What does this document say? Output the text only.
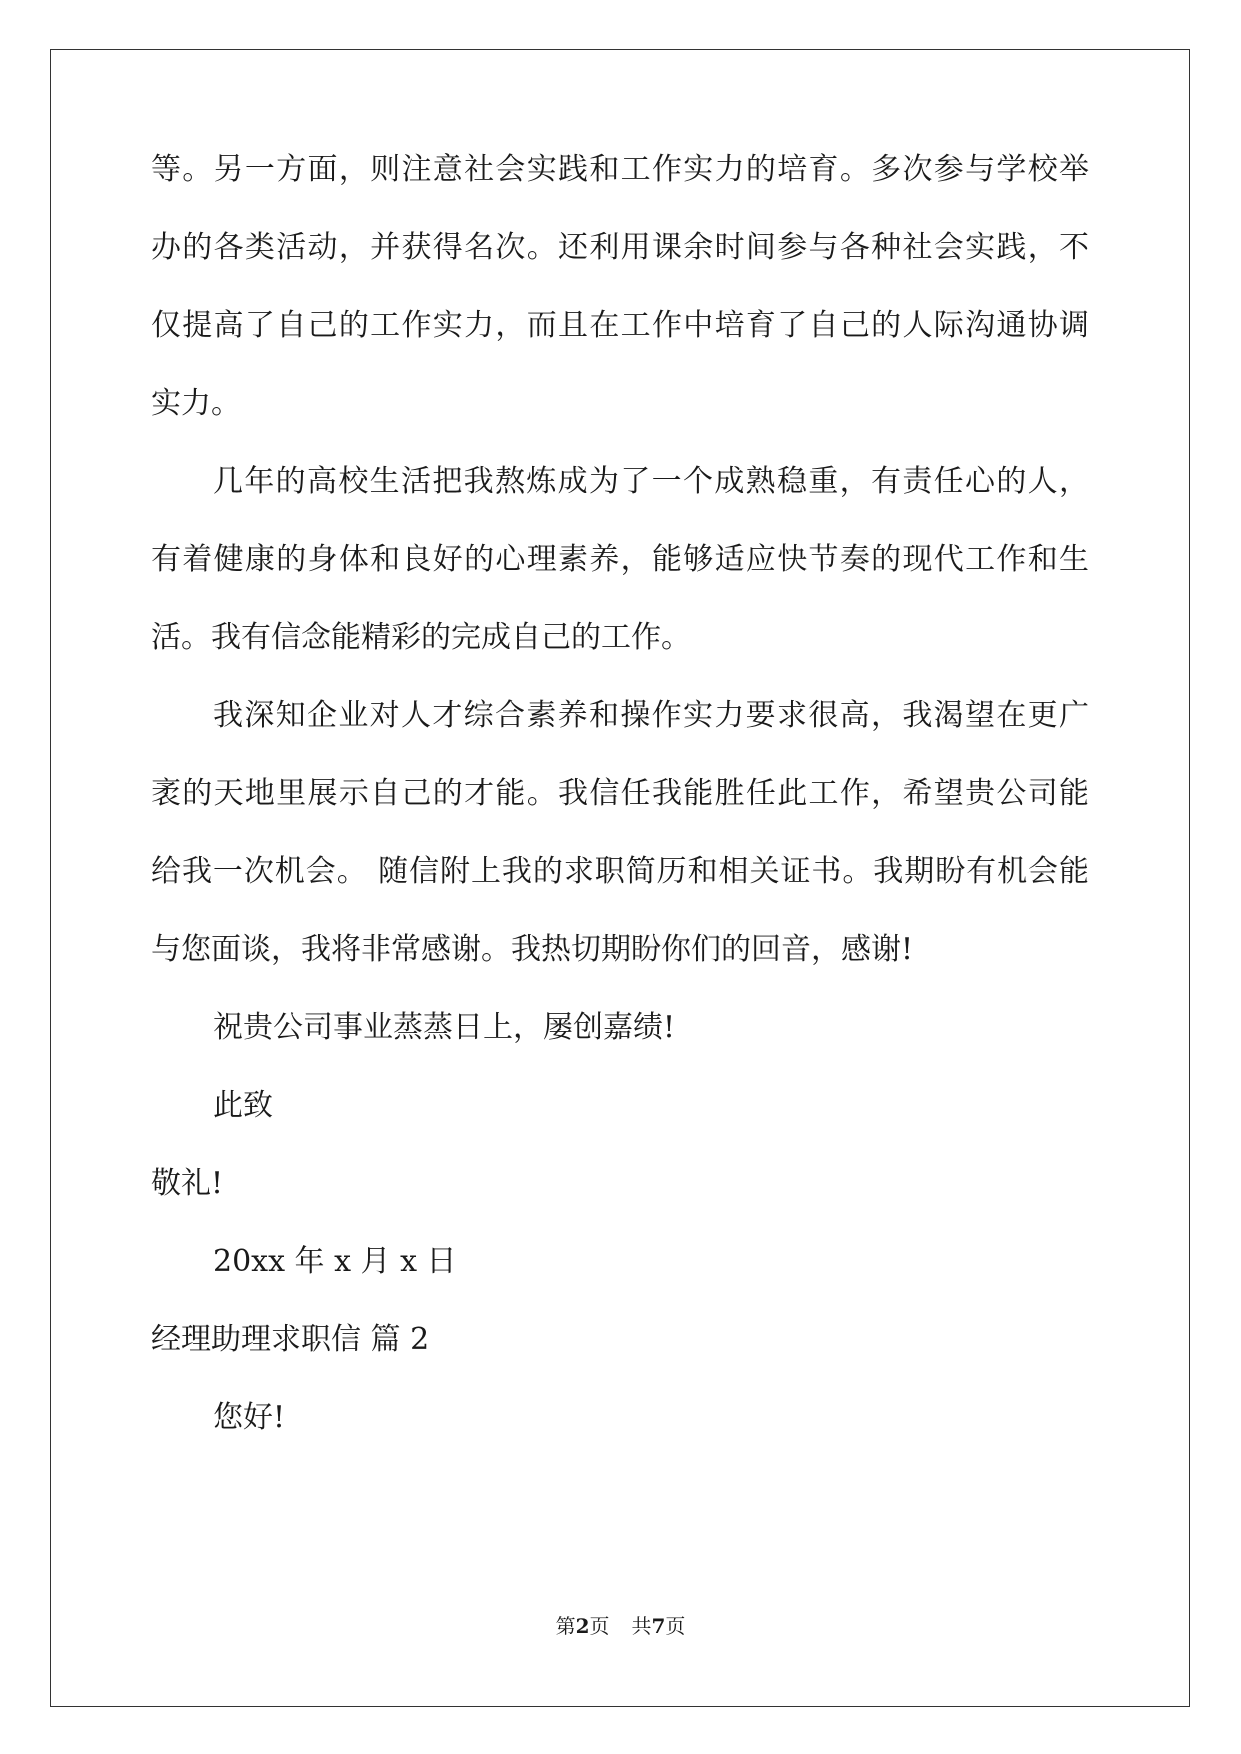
等。另一方面，则注意社会实践和工作实力的培育。多次参与学校举
办的各类活动，并获得名次。还利用课余时间参与各种社会实践，不
仅提高了自己的工作实力，而且在工作中培育了自己的人际沟通协调
实力。
几年的高校生活把我熬炼成为了一个成熟稳重，有责任心的人，
有着健康的身体和良好的心理素养，能够适应快节奏的现代工作和生
活。我有信念能精彩的完成自己的工作。
我深知企业对人才综合素养和操作实力要求很高，我渴望在更广
袤的天地里展示自己的才能。我信任我能胜任此工作，希望贵公司能
给我一次机会。 随信附上我的求职简历和相关证书。我期盼有机会能
与您面谈，我将非常感谢。我热切期盼你们的回音，感谢!
祝贵公司事业蒸蒸日上，屡创嘉绩!
此致
敬礼!
20xx 年 x 月 x 日
经理助理求职信 篇 2
您好!
第2页 共7页
